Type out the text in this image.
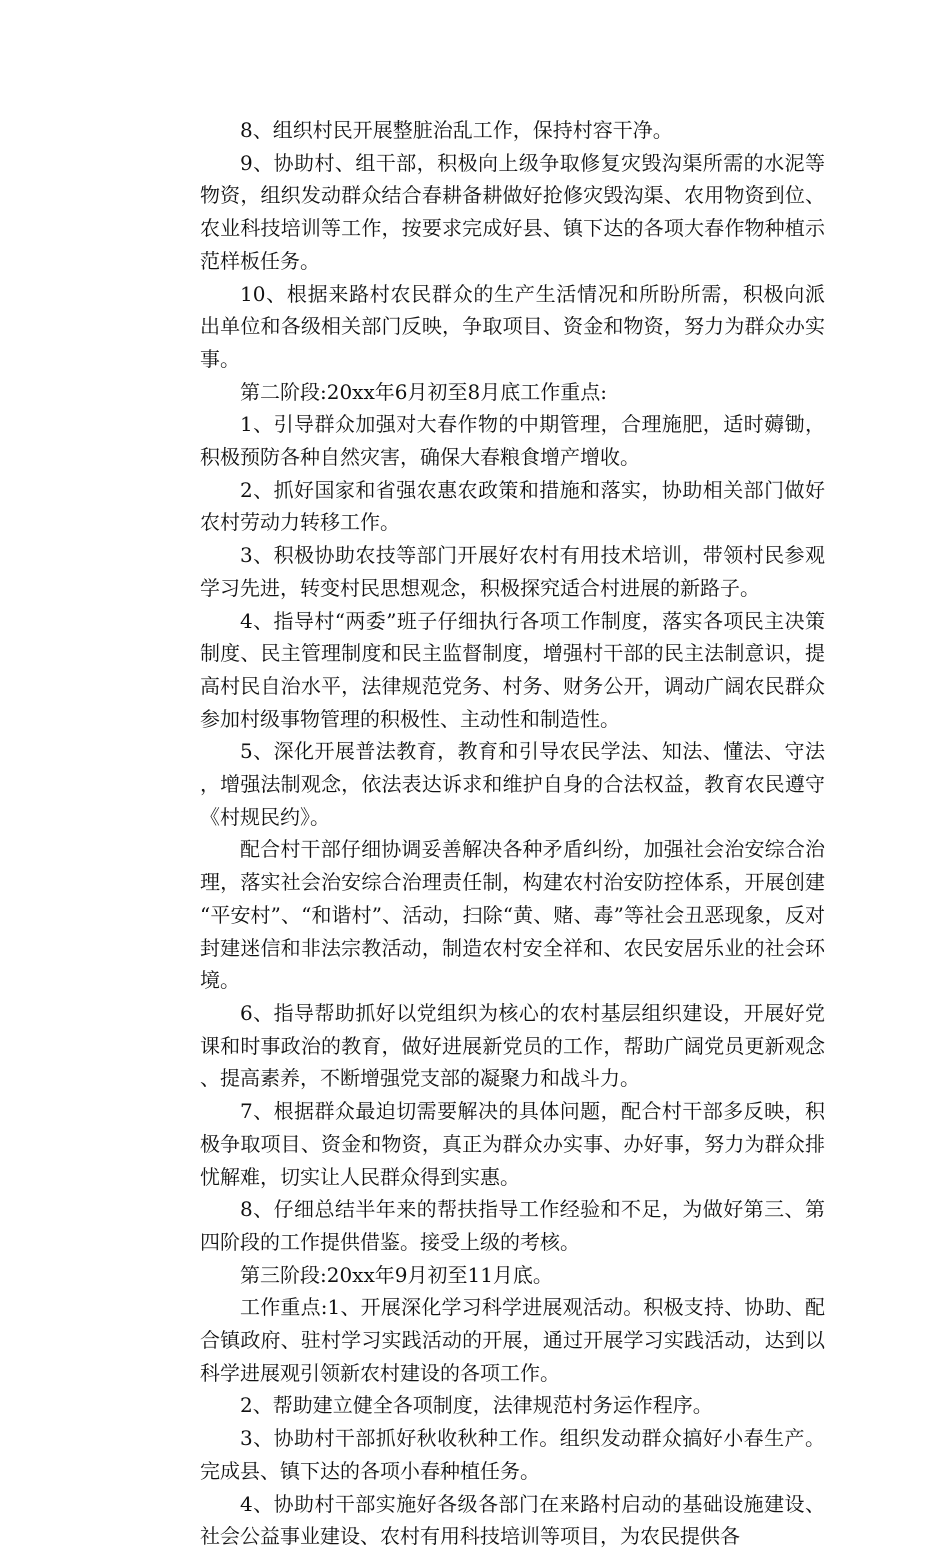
8、组织村民开展整脏治乱工作，保持村容干净。

9、协助村、组干部，积极向上级争取修复灾毁沟渠所需的水泥等物资，组织发动群众结合春耕备耕做好抢修灾毁沟渠、农用物资到位、农业科技培训等工作，按要求完成好县、镇下达的各项大春作物种植示范样板任务。

10、根据来路村农民群众的生产生活情况和所盼所需，积极向派出单位和各级相关部门反映，争取项目、资金和物资，努力为群众办实事。

第二阶段:20xx年6月初至8月底工作重点:

1、引导群众加强对大春作物的中期管理，合理施肥，适时薅锄，积极预防各种自然灾害，确保大春粮食增产增收。

2、抓好国家和省强农惠农政策和措施和落实，协助相关部门做好农村劳动力转移工作。

3、积极协助农技等部门开展好农村有用技术培训，带领村民参观学习先进，转变村民思想观念，积极探究适合村进展的新路子。

4、指导村“两委”班子仔细执行各项工作制度，落实各项民主决策制度、民主管理制度和民主监督制度，增强村干部的民主法制意识，提高村民自治水平，法律规范党务、村务、财务公开，调动广阔农民群众参加村级事物管理的积极性、主动性和制造性。

5、深化开展普法教育，教育和引导农民学法、知法、懂法、守法，增强法制观念，依法表达诉求和维护自身的合法权益，教育农民遵守《村规民约》。

配合村干部仔细协调妥善解决各种矛盾纠纷，加强社会治安综合治理，落实社会治安综合治理责任制，构建农村治安防控体系，开展创建“平安村”、“和谐村”、活动，扫除“黄、赌、毒”等社会丑恶现象，反对封建迷信和非法宗教活动，制造农村安全祥和、农民安居乐业的社会环境。

6、指导帮助抓好以党组织为核心的农村基层组织建设，开展好党课和时事政治的教育，做好进展新党员的工作，帮助广阔党员更新观念、提高素养，不断增强党支部的凝聚力和战斗力。

7、根据群众最迫切需要解决的具体问题，配合村干部多反映，积极争取项目、资金和物资，真正为群众办实事、办好事，努力为群众排忧解难，切实让人民群众得到实惠。

8、仔细总结半年来的帮扶指导工作经验和不足，为做好第三、第四阶段的工作提供借鉴。接受上级的考核。

第三阶段:20xx年9月初至11月底。

工作重点:1、开展深化学习科学进展观活动。积极支持、协助、配合镇政府、驻村学习实践活动的开展，通过开展学习实践活动，达到以科学进展观引领新农村建设的各项工作。

2、帮助建立健全各项制度，法律规范村务运作程序。

3、协助村干部抓好秋收秋种工作。组织发动群众搞好小春生产。完成县、镇下达的各项小春种植任务。

4、协助村干部实施好各级各部门在来路村启动的基础设施建设、社会公益事业建设、农村有用科技培训等项目，为农民提供各
